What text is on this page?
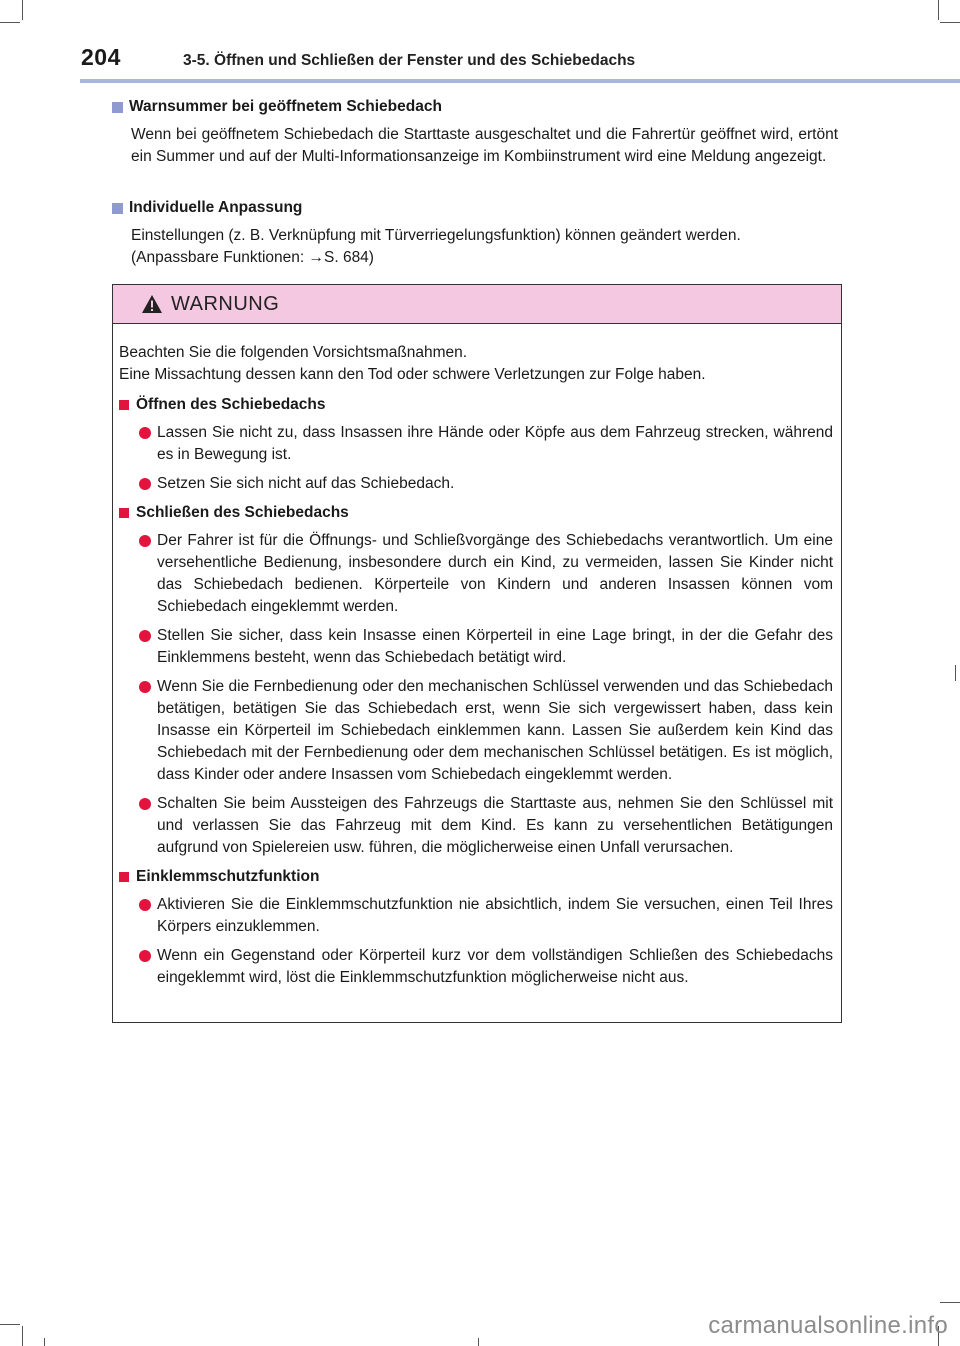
204	3-5. Öffnen und Schließen der Fenster und des Schiebedachs
Warnsummer bei geöffnetem Schiebedach
Wenn bei geöffnetem Schiebedach die Starttaste ausgeschaltet und die Fahrertür geöffnet wird, ertönt ein Summer und auf der Multi-Informationsanzeige im Kombiinstrument wird eine Meldung angezeigt.
Individuelle Anpassung
Einstellungen (z. B. Verknüpfung mit Türverriegelungsfunktion) können geändert werden.
(Anpassbare Funktionen: →S. 684)
WARNUNG
Beachten Sie die folgenden Vorsichtsmaßnahmen.
Eine Missachtung dessen kann den Tod oder schwere Verletzungen zur Folge haben.
Öffnen des Schiebedachs
Lassen Sie nicht zu, dass Insassen ihre Hände oder Köpfe aus dem Fahrzeug strecken, während es in Bewegung ist.
Setzen Sie sich nicht auf das Schiebedach.
Schließen des Schiebedachs
Der Fahrer ist für die Öffnungs- und Schließvorgänge des Schiebedachs verantwortlich. Um eine versehentliche Bedienung, insbesondere durch ein Kind, zu vermeiden, lassen Sie Kinder nicht das Schiebedach bedienen. Körperteile von Kindern und anderen Insassen können vom Schiebedach eingeklemmt werden.
Stellen Sie sicher, dass kein Insasse einen Körperteil in eine Lage bringt, in der die Gefahr des Einklemmens besteht, wenn das Schiebedach betätigt wird.
Wenn Sie die Fernbedienung oder den mechanischen Schlüssel verwenden und das Schiebedach betätigen, betätigen Sie das Schiebedach erst, wenn Sie sich vergewissert haben, dass kein Insasse ein Körperteil im Schiebedach einklemmen kann. Lassen Sie außerdem kein Kind das Schiebedach mit der Fernbedienung oder dem mechanischen Schlüssel betätigen. Es ist möglich, dass Kinder oder andere Insassen vom Schiebedach eingeklemmt werden.
Schalten Sie beim Aussteigen des Fahrzeugs die Starttaste aus, nehmen Sie den Schlüssel mit und verlassen Sie das Fahrzeug mit dem Kind. Es kann zu versehentlichen Betätigungen aufgrund von Spielereien usw. führen, die möglicherweise einen Unfall verursachen.
Einklemmschutzfunktion
Aktivieren Sie die Einklemmschutzfunktion nie absichtlich, indem Sie versuchen, einen Teil Ihres Körpers einzuklemmen.
Wenn ein Gegenstand oder Körperteil kurz vor dem vollständigen Schließen des Schiebedachs eingeklemmt wird, löst die Einklemmschutzfunktion möglicherweise nicht aus.
carmanualsonline.info
